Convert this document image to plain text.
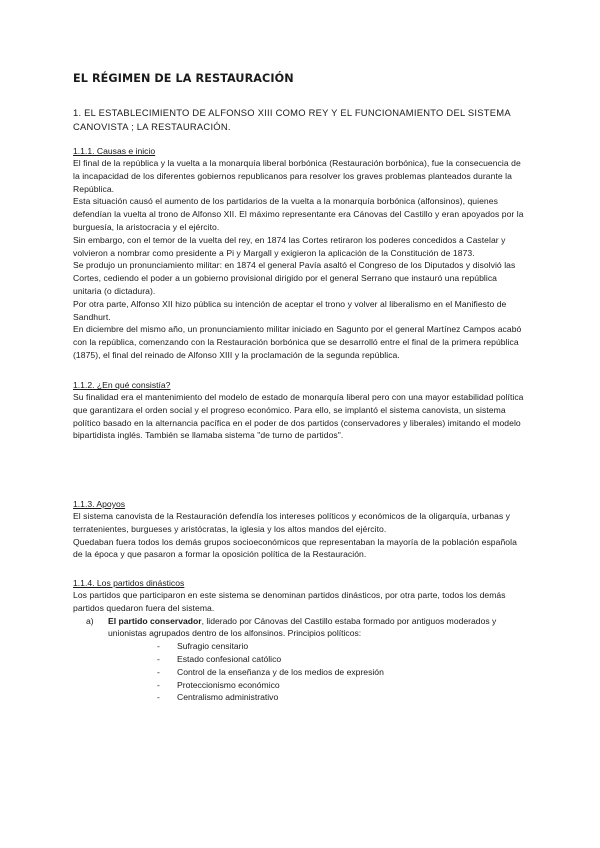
EL RÉGIMEN DE LA RESTAURACIÓN
1. EL ESTABLECIMIENTO DE ALFONSO XIII COMO REY Y EL FUNCIONAMIENTO DEL SISTEMA CANOVISTA ; LA RESTAURACIÓN.
1.1.1. Causas e inicio

El final de la república y la vuelta a la monarquía liberal borbónica (Restauración borbónica), fue la consecuencia de la incapacidad de los diferentes gobiernos republicanos para resolver los graves problemas planteados durante la República.

Esta situación causó el aumento de los partidarios de la vuelta a la monarquía borbónica (alfonsinos), quienes defendían la vuelta al trono de Alfonso XII. El máximo representante era Cánovas del Castillo y eran apoyados por la burguesía, la aristocracia y el ejército.

Sin embargo, con el temor de la vuelta del rey, en 1874 las Cortes retiraron los poderes concedidos a Castelar y volvieron a nombrar como presidente a Pi y Margall y exigieron la aplicación de la Constitución de 1873.

Se produjo un pronunciamiento militar: en 1874 el general Pavía asaltó el Congreso de los Diputados y disolvió las Cortes, cediendo el poder a un gobierno provisional dirigido por el general Serrano que instauró una república unitaria (o dictadura).

Por otra parte, Alfonso XII hizo pública su intención de aceptar el trono y volver al liberalismo en el Manifiesto de Sandhurt.

En diciembre del mismo año, un pronunciamiento militar iniciado en Sagunto por el general Martínez Campos acabó con la república, comenzando con la Restauración borbónica que se desarrolló entre el final de la primera república (1875), el final del reinado de Alfonso XIII y la proclamación de la segunda república.

1.1.2. ¿En qué consistía?

Su finalidad era el mantenimiento del modelo de estado de monarquía liberal pero con una mayor estabilidad política que garantizara el orden social y el progreso económico. Para ello, se implantó el sistema canovista, un sistema político basado en la alternancia pacífica en el poder de dos partidos (conservadores y liberales) imitando el modelo bipartidista inglés. También se llamaba sistema "de turno de partidos".

1.1.3. Apoyos

El sistema canovista de la Restauración defendía los intereses políticos y económicos de la oligarquía, urbanas y terratenientes, burgueses y aristócratas, la iglesia y los altos mandos del ejército.

Quedaban fuera todos los demás grupos socioeconómicos que representaban la mayoría de la población española de la época y que pasaron a formar la oposición política de la Restauración.

1.1.4. Los partidos dinásticos

Los partidos que participaron en este sistema se denominan partidos dinásticos, por otra parte, todos los demás partidos quedaron fuera del sistema.

a)	El partido conservador, liderado por Cánovas del Castillo estaba formado por antiguos moderados y unionistas agrupados dentro de los alfonsinos. Principios políticos:
-	Sufragio censitario
-	Estado confesional católico
-	Control de la enseñanza y de los medios de expresión
-	Proteccionismo económico
-	Centralismo administrativo
